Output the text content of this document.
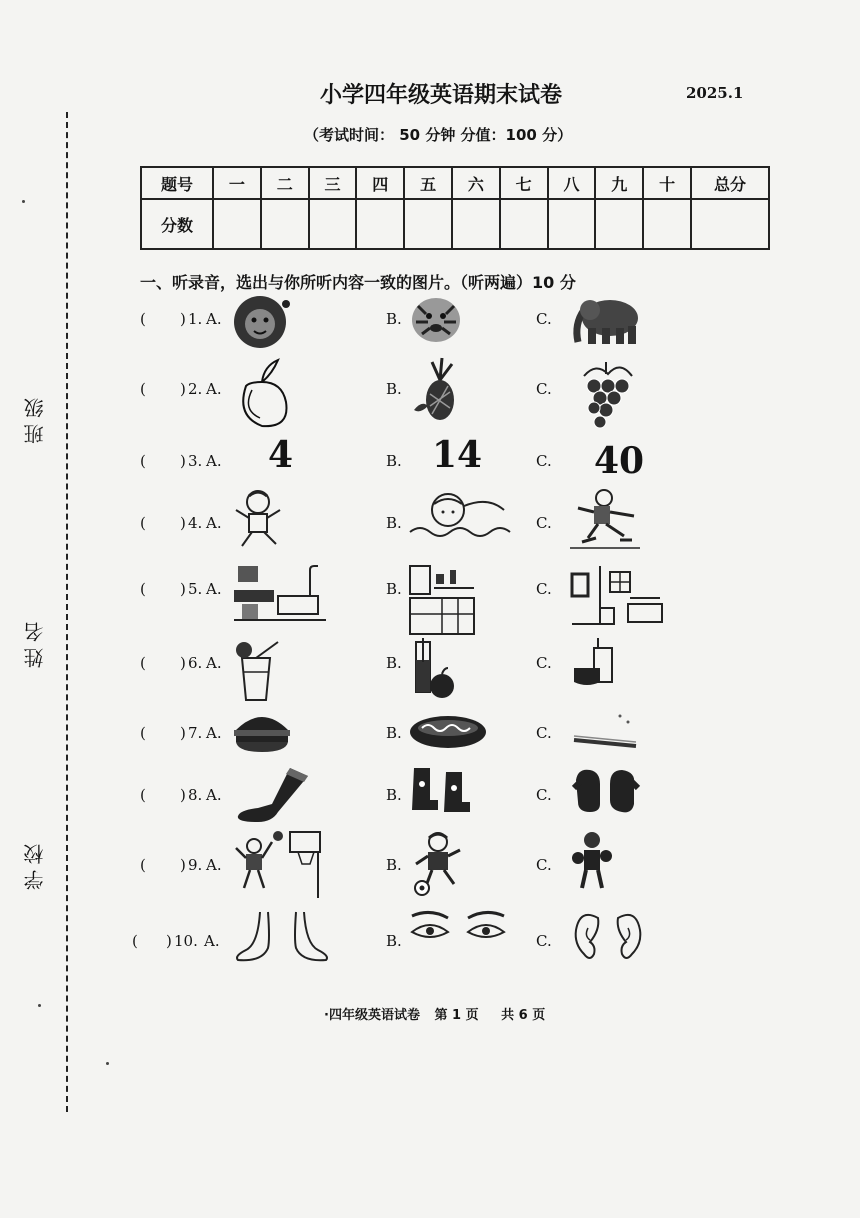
班级
姓名
学校
小学四年级英语期末试卷	2025.1
（考试时间： 50 分钟 分值：100 分）
题号	一	二	三	四	五	六	七	八	九	十	总分
分数											
一、听录音，选出与你所听内容一致的图片。（听两遍）10 分
( ) 1. A.	B.	C.
( ) 2. A.	B.	C.
( ) 3. A.	B.	C.
4	14	40
( ) 4. A.	B.	C.
( ) 5. A.	B.	C.
( ) 6. A.	B.	C.
( ) 7. A.	B.	C.
( ) 8. A.	B.	C.
( ) 9. A.	B.	C.
( ) 10. A.	B.	C.
·四年级英语试卷 第 1 页 共 6 页
